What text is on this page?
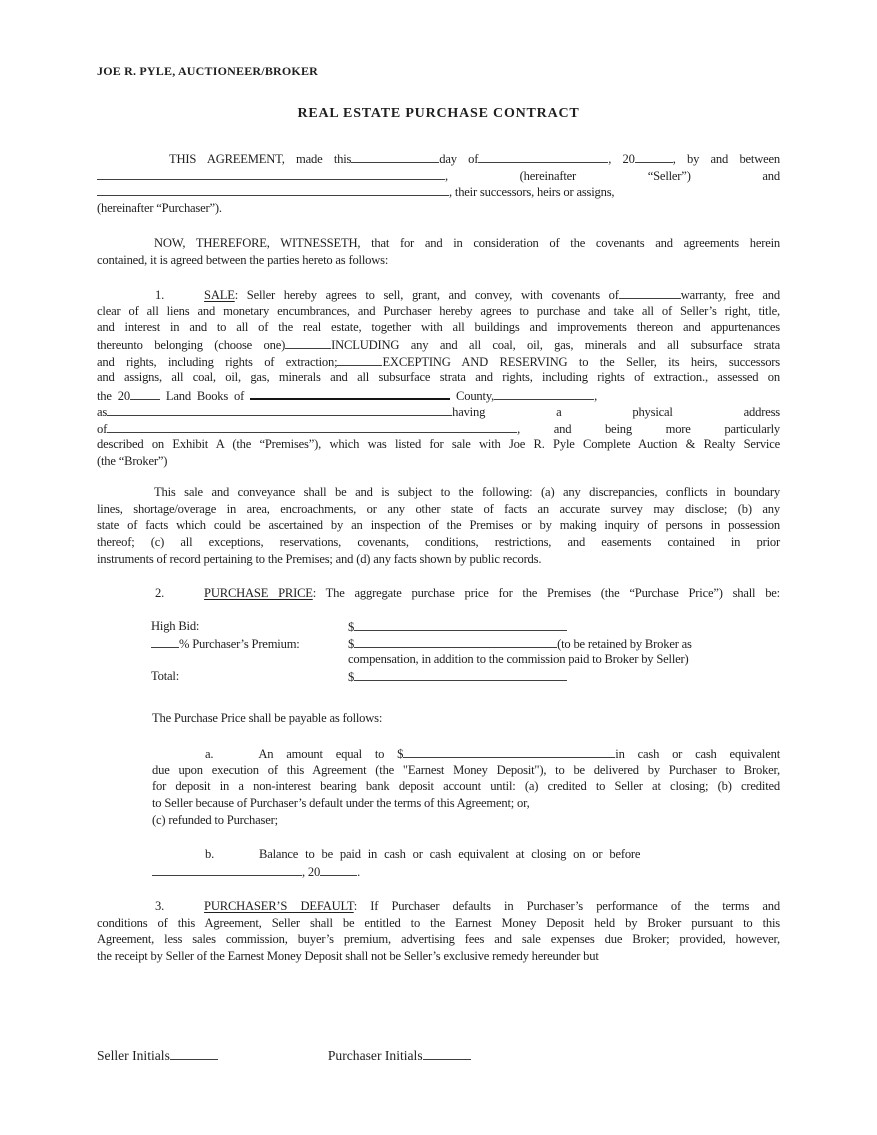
JOE R. PYLE, AUCTIONEER/BROKER
REAL ESTATE PURCHASE CONTRACT
THIS AGREEMENT, made this	day of	, 20	, by and between
, (hereinafter “Seller”) and
, their successors, heirs or assigns,
(hereinafter “Purchaser”).
NOW, THEREFORE, WITNESSETH, that for and in consideration of the covenants and agreements herein
contained, it is agreed between the parties hereto as follows:
1.	SALE: Seller hereby agrees to sell, grant, and convey, with covenants of	warranty, free and
clear of all liens and monetary encumbrances, and Purchaser hereby agrees to purchase and take all of Seller’s right, title,
and interest in and to all of the real estate, together with all buildings and improvements thereon and appurtenances
thereunto belonging (choose one)	INCLUDING any and all coal, oil, gas, minerals and all subsurface strata
and rights, including rights of extraction;	EXCEPTING AND RESERVING to the Seller, its heirs, successors
and assigns, all coal, oil, gas, minerals and all subsurface strata and rights, including rights of extraction., assessed on
the 20 Land Books of	County,	,
as	having a physical address
of	, and being more particularly
described on Exhibit A (the “Premises”), which was listed for sale with Joe R. Pyle Complete Auction & Realty Service
(the “Broker”)
This sale and conveyance shall be and is subject to the following: (a) any discrepancies, conflicts in boundary
lines, shortage/overage in area, encroachments, or any other state of facts an accurate survey may disclose; (b) any
state of facts which could be ascertained by an inspection of the Premises or by making inquiry of persons in possession
thereof; (c) all exceptions, reservations, covenants, conditions, restrictions, and easements contained in prior
instruments of record pertaining to the Premises; and (d) any facts shown by public records.
2.	PURCHASE PRICE: The aggregate purchase price for the Premises (the “Purchase Price”) shall be:
High Bid:	$
% Purchaser’s Premium:	$	(to be retained by Broker as
compensation, in addition to the commission paid to Broker by Seller)
Total:	$
The Purchase Price shall be payable as follows:
a.	An amount equal to $	in cash or cash equivalent
due upon execution of this Agreement (the "Earnest Money Deposit"), to be delivered by Purchaser to Broker,
for deposit in a non-interest bearing bank deposit account until: (a) credited to Seller at closing; (b) credited
to Seller because of Purchaser’s default under the terms of this Agreement; or,
(c) refunded to Purchaser;
b.	Balance to be paid in cash or cash equivalent at closing on or before
, 20	.
3.	PURCHASER’S DEFAULT: If Purchaser defaults in Purchaser’s performance of the terms and
conditions of this Agreement, Seller shall be entitled to the Earnest Money Deposit held by Broker pursuant to this
Agreement, less sales commission, buyer’s premium, advertising fees and sale expenses due Broker; provided, however,
the receipt by Seller of the Earnest Money Deposit shall not be Seller’s exclusive remedy hereunder but
Seller Initials	Purchaser Initials
